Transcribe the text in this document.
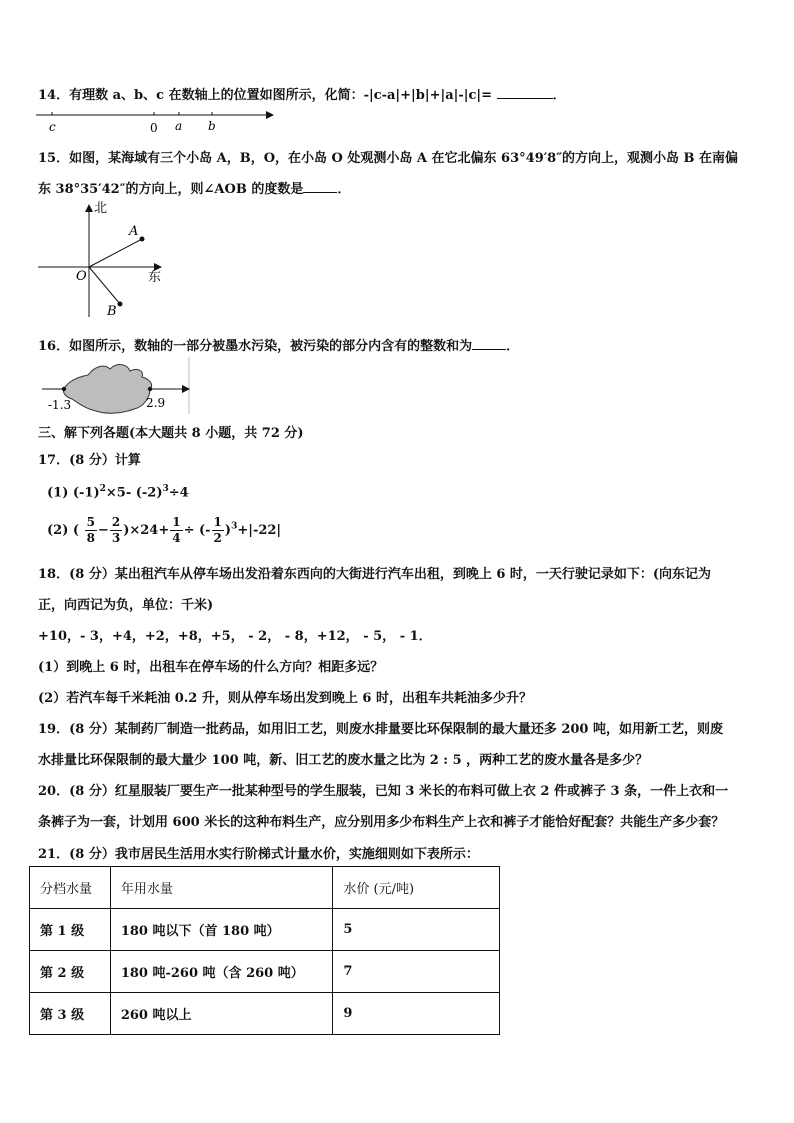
14．有理数 a、b、c 在数轴上的位置如图所示，化简：-|c-a|+|b|+|a|-|c|=	．
c	0 a b
15．如图，某海域有三个小岛 A，B，O，在小岛 O 处观测小岛 A 在它北偏东 63°49′8″的方向上，观测小岛 B 在南偏
东 38°35′42″的方向上，则∠AOB 的度数是	．
北
东
O
A
B
16．如图所示，数轴的一部分被墨水污染，被污染的部分内含有的整数和为	．
-1.3	2.9
三、解下列各题(本大题共 8 小题，共 72 分)
17．(8 分）计算
(1) $(-1)^2\times 5-$ $(-2)^3\div 4$
(2) ( $\frac{5}{8} - \frac{2}{3} )\times 24+ \frac{1}{4}$ ÷ (- $\frac{1}{2} )^3+|-22|$
18．(8 分）某出租汽车从停车场出发沿着东西向的大街进行汽车出租，到晚上 6 时，一天行驶记录如下：(向东记为
正，向西记为负，单位：千米)
+10，- 3，+4，+2，+8，+5， - 2， - 8，+12， - 5， - 1．
(1）到晚上 6 时，出租车在停车场的什么方向？相距多远？
(2）若汽车每千米耗油 0.2 升，则从停车场出发到晚上 6 时，出租车共耗油多少升？
19．(8 分）某制药厂制造一批药品，如用旧工艺，则废水排量要比环保限制的最大量还多 200 吨，如用新工艺，则废
水排量比环保限制的最大量少 100 吨，新、旧工艺的废水量之比为 2 : 5 ，两种工艺的废水量各是多少？
20．(8 分）红星服装厂要生产一批某种型号的学生服装，已知 3 米长的布料可做上衣 2 件或裤子 3 条，一件上衣和一
条裤子为一套，计划用 600 米长的这种布料生产，应分别用多少布料生产上衣和裤子才能恰好配套？共能生产多少套？
21．(8 分）我市居民生活用水实行阶梯式计量水价，实施细则如下表所示：
分档水量	年用水量	水价 (元/吨)
第 1 级	180 吨以下（首 180 吨）	5
第 2 级	180 吨-260 吨（含 260 吨）	7
第 3 级	260 吨以上	9
